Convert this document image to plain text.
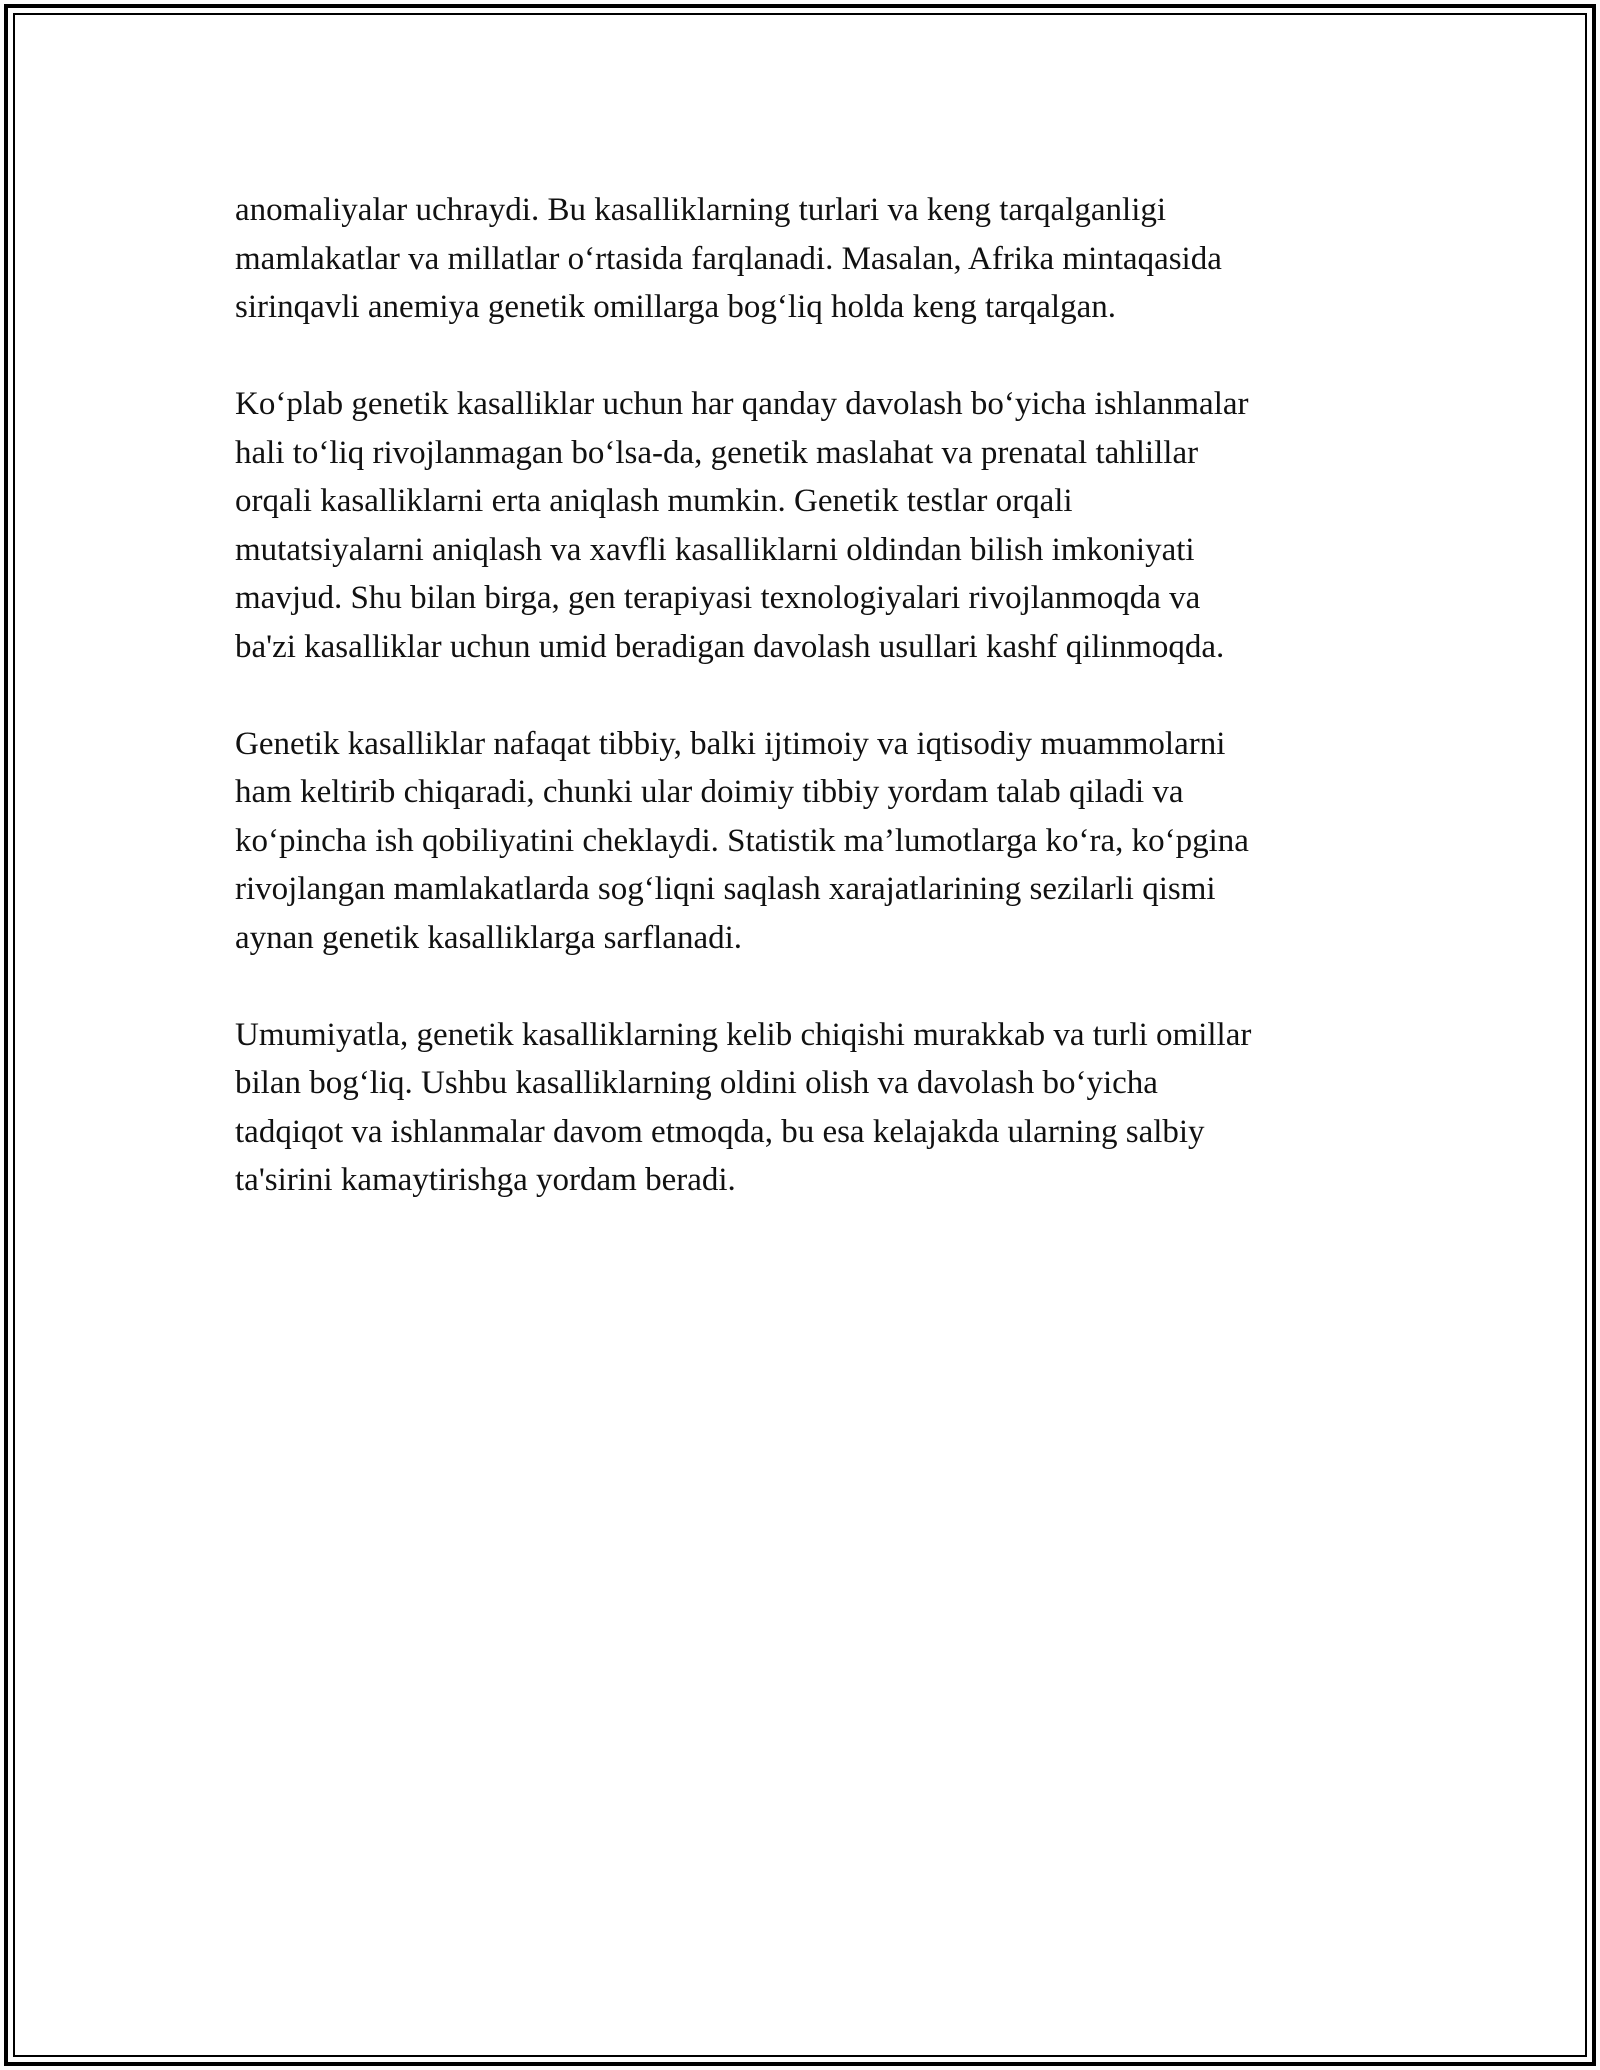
anomaliyalar uchraydi. Bu kasalliklarning turlari va keng tarqalganligi
mamlakatlar va millatlar o‘rtasida farqlanadi. Masalan, Afrika mintaqasida
sirinqavli anemiya genetik omillarga bog‘liq holda keng tarqalgan.

Ko‘plab genetik kasalliklar uchun har qanday davolash bo‘yicha ishlanmalar
hali to‘liq rivojlanmagan bo‘lsa-da, genetik maslahat va prenatal tahlillar
orqali kasalliklarni erta aniqlash mumkin. Genetik testlar orqali
mutatsiyalarni aniqlash va xavfli kasalliklarni oldindan bilish imkoniyati
mavjud. Shu bilan birga, gen terapiyasi texnologiyalari rivojlanmoqda va
ba'zi kasalliklar uchun umid beradigan davolash usullari kashf qilinmoqda.

Genetik kasalliklar nafaqat tibbiy, balki ijtimoiy va iqtisodiy muammolarni
ham keltirib chiqaradi, chunki ular doimiy tibbiy yordam talab qiladi va
ko‘pincha ish qobiliyatini cheklaydi. Statistik ma’lumotlarga ko‘ra, ko‘pgina
rivojlangan mamlakatlarda sog‘liqni saqlash xarajatlarining sezilarli qismi
aynan genetik kasalliklarga sarflanadi.

Umumiyatla, genetik kasalliklarning kelib chiqishi murakkab va turli omillar
bilan bog‘liq. Ushbu kasalliklarning oldini olish va davolash bo‘yicha
tadqiqot va ishlanmalar davom etmoqda, bu esa kelajakda ularning salbiy
ta'sirini kamaytirishga yordam beradi.
